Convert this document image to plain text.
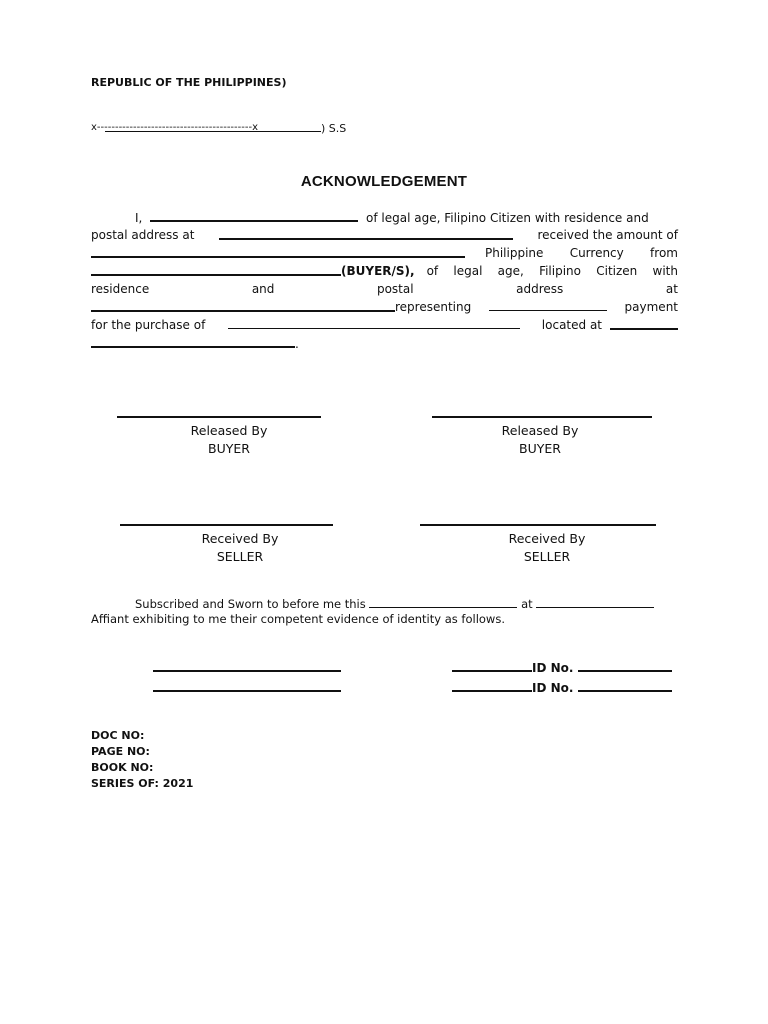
REPUBLIC OF THE PHILIPPINES)

) S.S

x-------------------------------------------x
ACKNOWLEDGEMENT
I,	of legal age, Filipino Citizen with residence and
postal address at	received the amount of
Philippine Currency from
(BUYER/S), of legal age, Filipino Citizen with
residence	and	postal	address	at
representing	payment
for the purchase of	located at
.
Released By
BUYER
Released By
BUYER
Received By
SELLER
Received By
SELLER
Subscribed and Sworn to before me this	at
Affiant exhibiting to me their competent evidence of identity as follows.
ID No.
ID No.
DOC NO:
PAGE NO:
BOOK NO:
SERIES OF: 2021
